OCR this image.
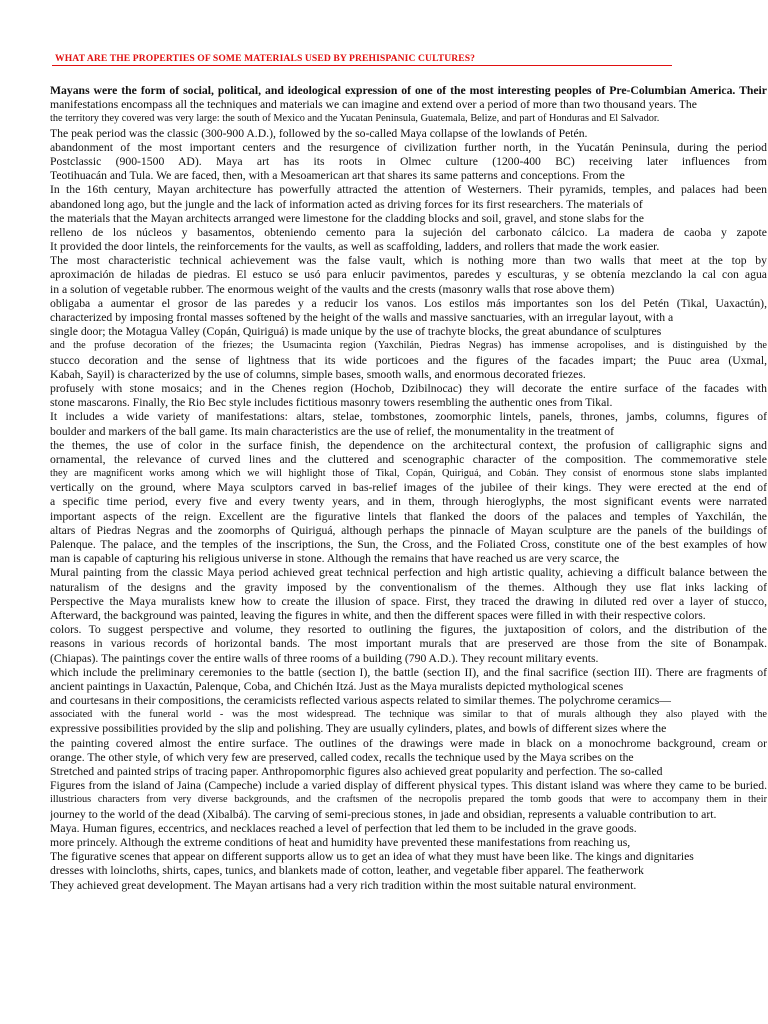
WHAT ARE THE PROPERTIES OF SOME MATERIALS USED BY PREHISPANIC CULTURES?
Mayans were the form of social, political, and ideological expression of one of the most interesting peoples of Pre-Columbian America. Their
manifestations encompass all the techniques and materials we can imagine and extend over a period of more than two thousand years. The
the territory they covered was very large: the south of Mexico and the Yucatan Peninsula, Guatemala, Belize, and part of Honduras and El Salvador.
The peak period was the classic (300-900 A.D.), followed by the so-called Maya collapse of the lowlands of Petén.
abandonment of the most important centers and the resurgence of civilization further north, in the Yucatán Peninsula, during the period
Postclassic (900-1500 AD). Maya art has its roots in Olmec culture (1200-400 BC) receiving later influences from
Teotihuacán and Tula. We are faced, then, with a Mesoamerican art that shares its same patterns and conceptions. From the
In the 16th century, Mayan architecture has powerfully attracted the attention of Westerners. Their pyramids, temples, and palaces had been
abandoned long ago, but the jungle and the lack of information acted as driving forces for its first researchers. The materials of
the materials that the Mayan architects arranged were limestone for the cladding blocks and soil, gravel, and stone slabs for the
relleno de los núcleos y basamentos, obteniendo cemento para la sujeción del carbonato cálcico. La madera de caoba y zapote
It provided the door lintels, the reinforcements for the vaults, as well as scaffolding, ladders, and rollers that made the work easier.
The most characteristic technical achievement was the false vault, which is nothing more than two walls that meet at the top by
aproximación de hiladas de piedras. El estuco se usó para enlucir pavimentos, paredes y esculturas, y se obtenía mezclando la cal con agua
in a solution of vegetable rubber. The enormous weight of the vaults and the crests (masonry walls that rose above them)
obligaba a aumentar el grosor de las paredes y a reducir los vanos. Los estilos más importantes son los del Petén (Tikal, Uaxactún),
characterized by imposing frontal masses softened by the height of the walls and massive sanctuaries, with an irregular layout, with a
single door; the Motagua Valley (Copán, Quiriguá) is made unique by the use of trachyte blocks, the great abundance of sculptures
and the profuse decoration of the friezes; the Usumacinta region (Yaxchilán, Piedras Negras) has immense acropolises, and is distinguished by the
stucco decoration and the sense of lightness that its wide porticoes and the figures of the facades impart; the Puuc area (Uxmal,
Kabah, Sayil) is characterized by the use of columns, simple bases, smooth walls, and enormous decorated friezes.
profusely with stone mosaics; and in the Chenes region (Hochob, Dzibilnocac) they will decorate the entire surface of the facades with
stone mascarons. Finally, the Rio Bec style includes fictitious masonry towers resembling the authentic ones from Tikal.
It includes a wide variety of manifestations: altars, stelae, tombstones, zoomorphic lintels, panels, thrones, jambs, columns, figures of
boulder and markers of the ball game. Its main characteristics are the use of relief, the monumentality in the treatment of
the themes, the use of color in the surface finish, the dependence on the architectural context, the profusion of calligraphic signs and
ornamental, the relevance of curved lines and the cluttered and scenographic character of the composition. The commemorative stele
they are magnificent works among which we will highlight those of Tikal, Copán, Quiriguá, and Cobán. They consist of enormous stone slabs implanted
vertically on the ground, where Maya sculptors carved in bas-relief images of the jubilee of their kings. They were erected at the end of
a specific time period, every five and every twenty years, and in them, through hieroglyphs, the most significant events were narrated
important aspects of the reign. Excellent are the figurative lintels that flanked the doors of the palaces and temples of Yaxchilán, the
altars of Piedras Negras and the zoomorphs of Quiriguá, although perhaps the pinnacle of Mayan sculpture are the panels of the buildings of
Palenque. The palace, and the temples of the inscriptions, the Sun, the Cross, and the Foliated Cross, constitute one of the best examples of how
man is capable of capturing his religious universe in stone. Although the remains that have reached us are very scarce, the
Mural painting from the classic Maya period achieved great technical perfection and high artistic quality, achieving a difficult balance between the
naturalism of the designs and the gravity imposed by the conventionalism of the themes. Although they use flat inks lacking of
Perspective the Maya muralists knew how to create the illusion of space. First, they traced the drawing in diluted red over a layer of stucco,
Afterward, the background was painted, leaving the figures in white, and then the different spaces were filled in with their respective colors.
colors. To suggest perspective and volume, they resorted to outlining the figures, the juxtaposition of colors, and the distribution of the
reasons in various records of horizontal bands. The most important murals that are preserved are those from the site of Bonampak.
(Chiapas). The paintings cover the entire walls of three rooms of a building (790 A.D.). They recount military events.
which include the preliminary ceremonies to the battle (section I), the battle (section II), and the final sacrifice (section III). There are fragments of
ancient paintings in Uaxactún, Palenque, Coba, and Chichén Itzá. Just as the Maya muralists depicted mythological scenes
and courtesans in their compositions, the ceramicists reflected various aspects related to similar themes. The polychrome ceramics—
associated with the funeral world - was the most widespread. The technique was similar to that of murals although they also played with the
expressive possibilities provided by the slip and polishing. They are usually cylinders, plates, and bowls of different sizes where the
the painting covered almost the entire surface. The outlines of the drawings were made in black on a monochrome background, cream or
orange. The other style, of which very few are preserved, called codex, recalls the technique used by the Maya scribes on the
Stretched and painted strips of tracing paper. Anthropomorphic figures also achieved great popularity and perfection. The so-called
Figures from the island of Jaina (Campeche) include a varied display of different physical types. This distant island was where they came to be buried.
illustrious characters from very diverse backgrounds, and the craftsmen of the necropolis prepared the tomb goods that were to accompany them in their
journey to the world of the dead (Xibalbá). The carving of semi-precious stones, in jade and obsidian, represents a valuable contribution to art.
Maya. Human figures, eccentrics, and necklaces reached a level of perfection that led them to be included in the grave goods.
more princely. Although the extreme conditions of heat and humidity have prevented these manifestations from reaching us,
The figurative scenes that appear on different supports allow us to get an idea of what they must have been like. The kings and dignitaries
dresses with loincloths, shirts, capes, tunics, and blankets made of cotton, leather, and vegetable fiber apparel. The featherwork
They achieved great development. The Mayan artisans had a very rich tradition within the most suitable natural environment.
